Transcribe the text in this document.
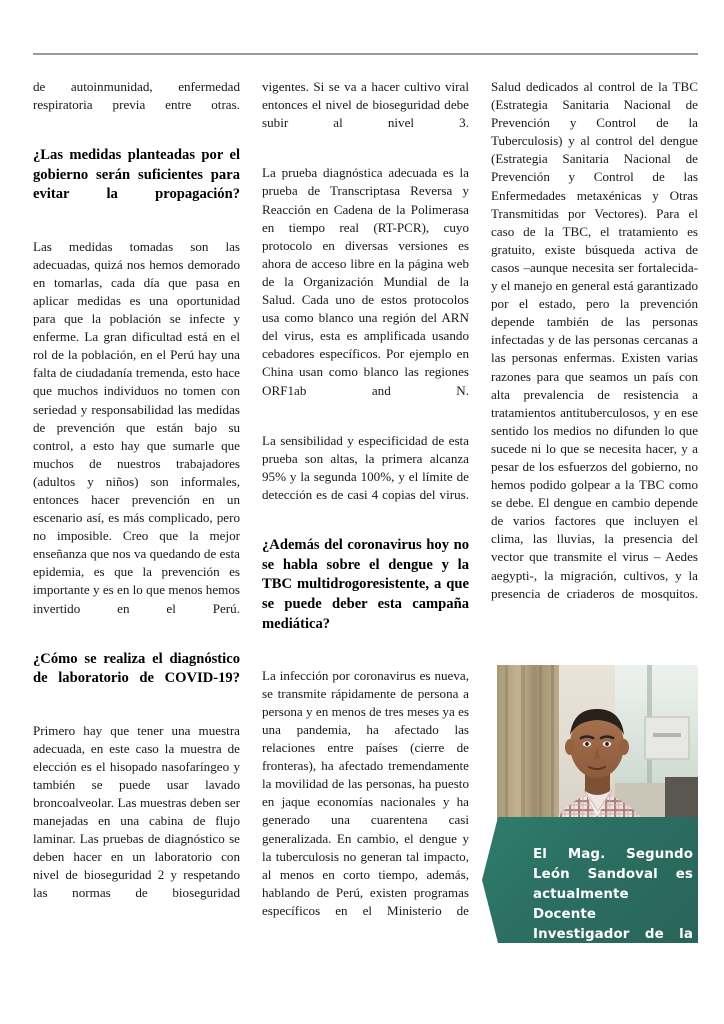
de autoinmunidad, enfermedad respiratoria previa entre otras.

¿Las medidas planteadas por el gobierno serán suficientes para evitar la propagación?

Las medidas tomadas son las adecuadas, quizá nos hemos demorado en tomarlas, cada día que pasa en aplicar medidas es una oportunidad para que la población se infecte y enferme. La gran dificultad está en el rol de la población, en el Perú hay una falta de ciudadanía tremenda, esto hace que muchos individuos no tomen con seriedad y responsabilidad las medidas de prevención que están bajo su control, a esto hay que sumarle que muchos de nuestros trabajadores (adultos y niños) son informales, entonces hacer prevención en un escenario así, es más complicado, pero no imposible. Creo que la mejor enseñanza que nos va quedando de esta epidemia, es que la prevención es importante y es en lo que menos hemos invertido en el Perú.

¿Cómo se realiza el diagnóstico de laboratorio de COVID-19?

Primero hay que tener una muestra adecuada, en este caso la muestra de elección es el hisopado nasofaríngeo y también se puede usar lavado broncoalveolar. Las muestras deben ser manejadas en una cabina de flujo laminar. Las pruebas de diagnóstico se deben hacer en un laboratorio con nivel de bioseguridad 2 y respetando las normas de bioseguridad

vigentes. Si se va a hacer cultivo viral entonces el nivel de bioseguridad debe subir al nivel 3.

La prueba diagnóstica adecuada es la prueba de Transcriptasa Reversa y Reacción en Cadena de la Polimerasa en tiempo real (RT-PCR), cuyo protocolo en diversas versiones es ahora de acceso libre en la página web de la Organización Mundial de la Salud. Cada uno de estos protocolos usa como blanco una región del ARN del virus, esta es amplificada usando cebadores específicos. Por ejemplo en China usan como blanco las regiones ORF1ab and N.

La sensibilidad y especificidad de esta prueba son altas, la primera alcanza 95% y la segunda 100%, y el límite de detección es de casi 4 copias del virus.

¿Además del coronavirus hoy no se habla sobre el dengue y la TBC multidrogoresistente, a que se puede deber esta campaña mediática?

La infección por coronavirus es nueva, se transmite rápidamente de persona a persona y en menos de tres meses ya es una pandemia, ha afectado las relaciones entre países (cierre de fronteras), ha afectado tremendamente la movilidad de las personas, ha puesto en jaque economías nacionales y ha generado una cuarentena casi generalizada. En cambio, el dengue y la tuberculosis no generan tal impacto, al menos en corto tiempo, además, hablando de Perú, existen programas específicos en el Ministerio de

Salud dedicados al control de la TBC (Estrategia Sanitaria Nacional de Prevención y Control de la Tuberculosis) y al control del dengue (Estrategia Sanitaria Nacional de Prevención y Control de las Enfermedades metaxénicas y Otras Transmitidas por Vectores). Para el caso de la TBC, el tratamiento es gratuito, existe búsqueda activa de casos –aunque necesita ser fortalecida- y el manejo en general está garantizado por el estado, pero la prevención depende también de las personas infectadas y de las personas cercanas a las personas enfermas. Existen varias razones para que seamos un país con alta prevalencia de resistencia a tratamientos antituberculosos, y en ese sentido los medios no difunden lo que sucede ni lo que se necesita hacer, y a pesar de los esfuerzos del gobierno, no hemos podido golpear a la TBC como se debe. El dengue en cambio depende de varios factores que incluyen el clima, las lluvias, la presencia del vector que transmite el virus – Aedes aegypti-, la migración, cultivos, y la presencia de criaderos de mosquitos.

El Mag. Segundo León Sandoval es actualmente Docente Investigador de la UPSJB
